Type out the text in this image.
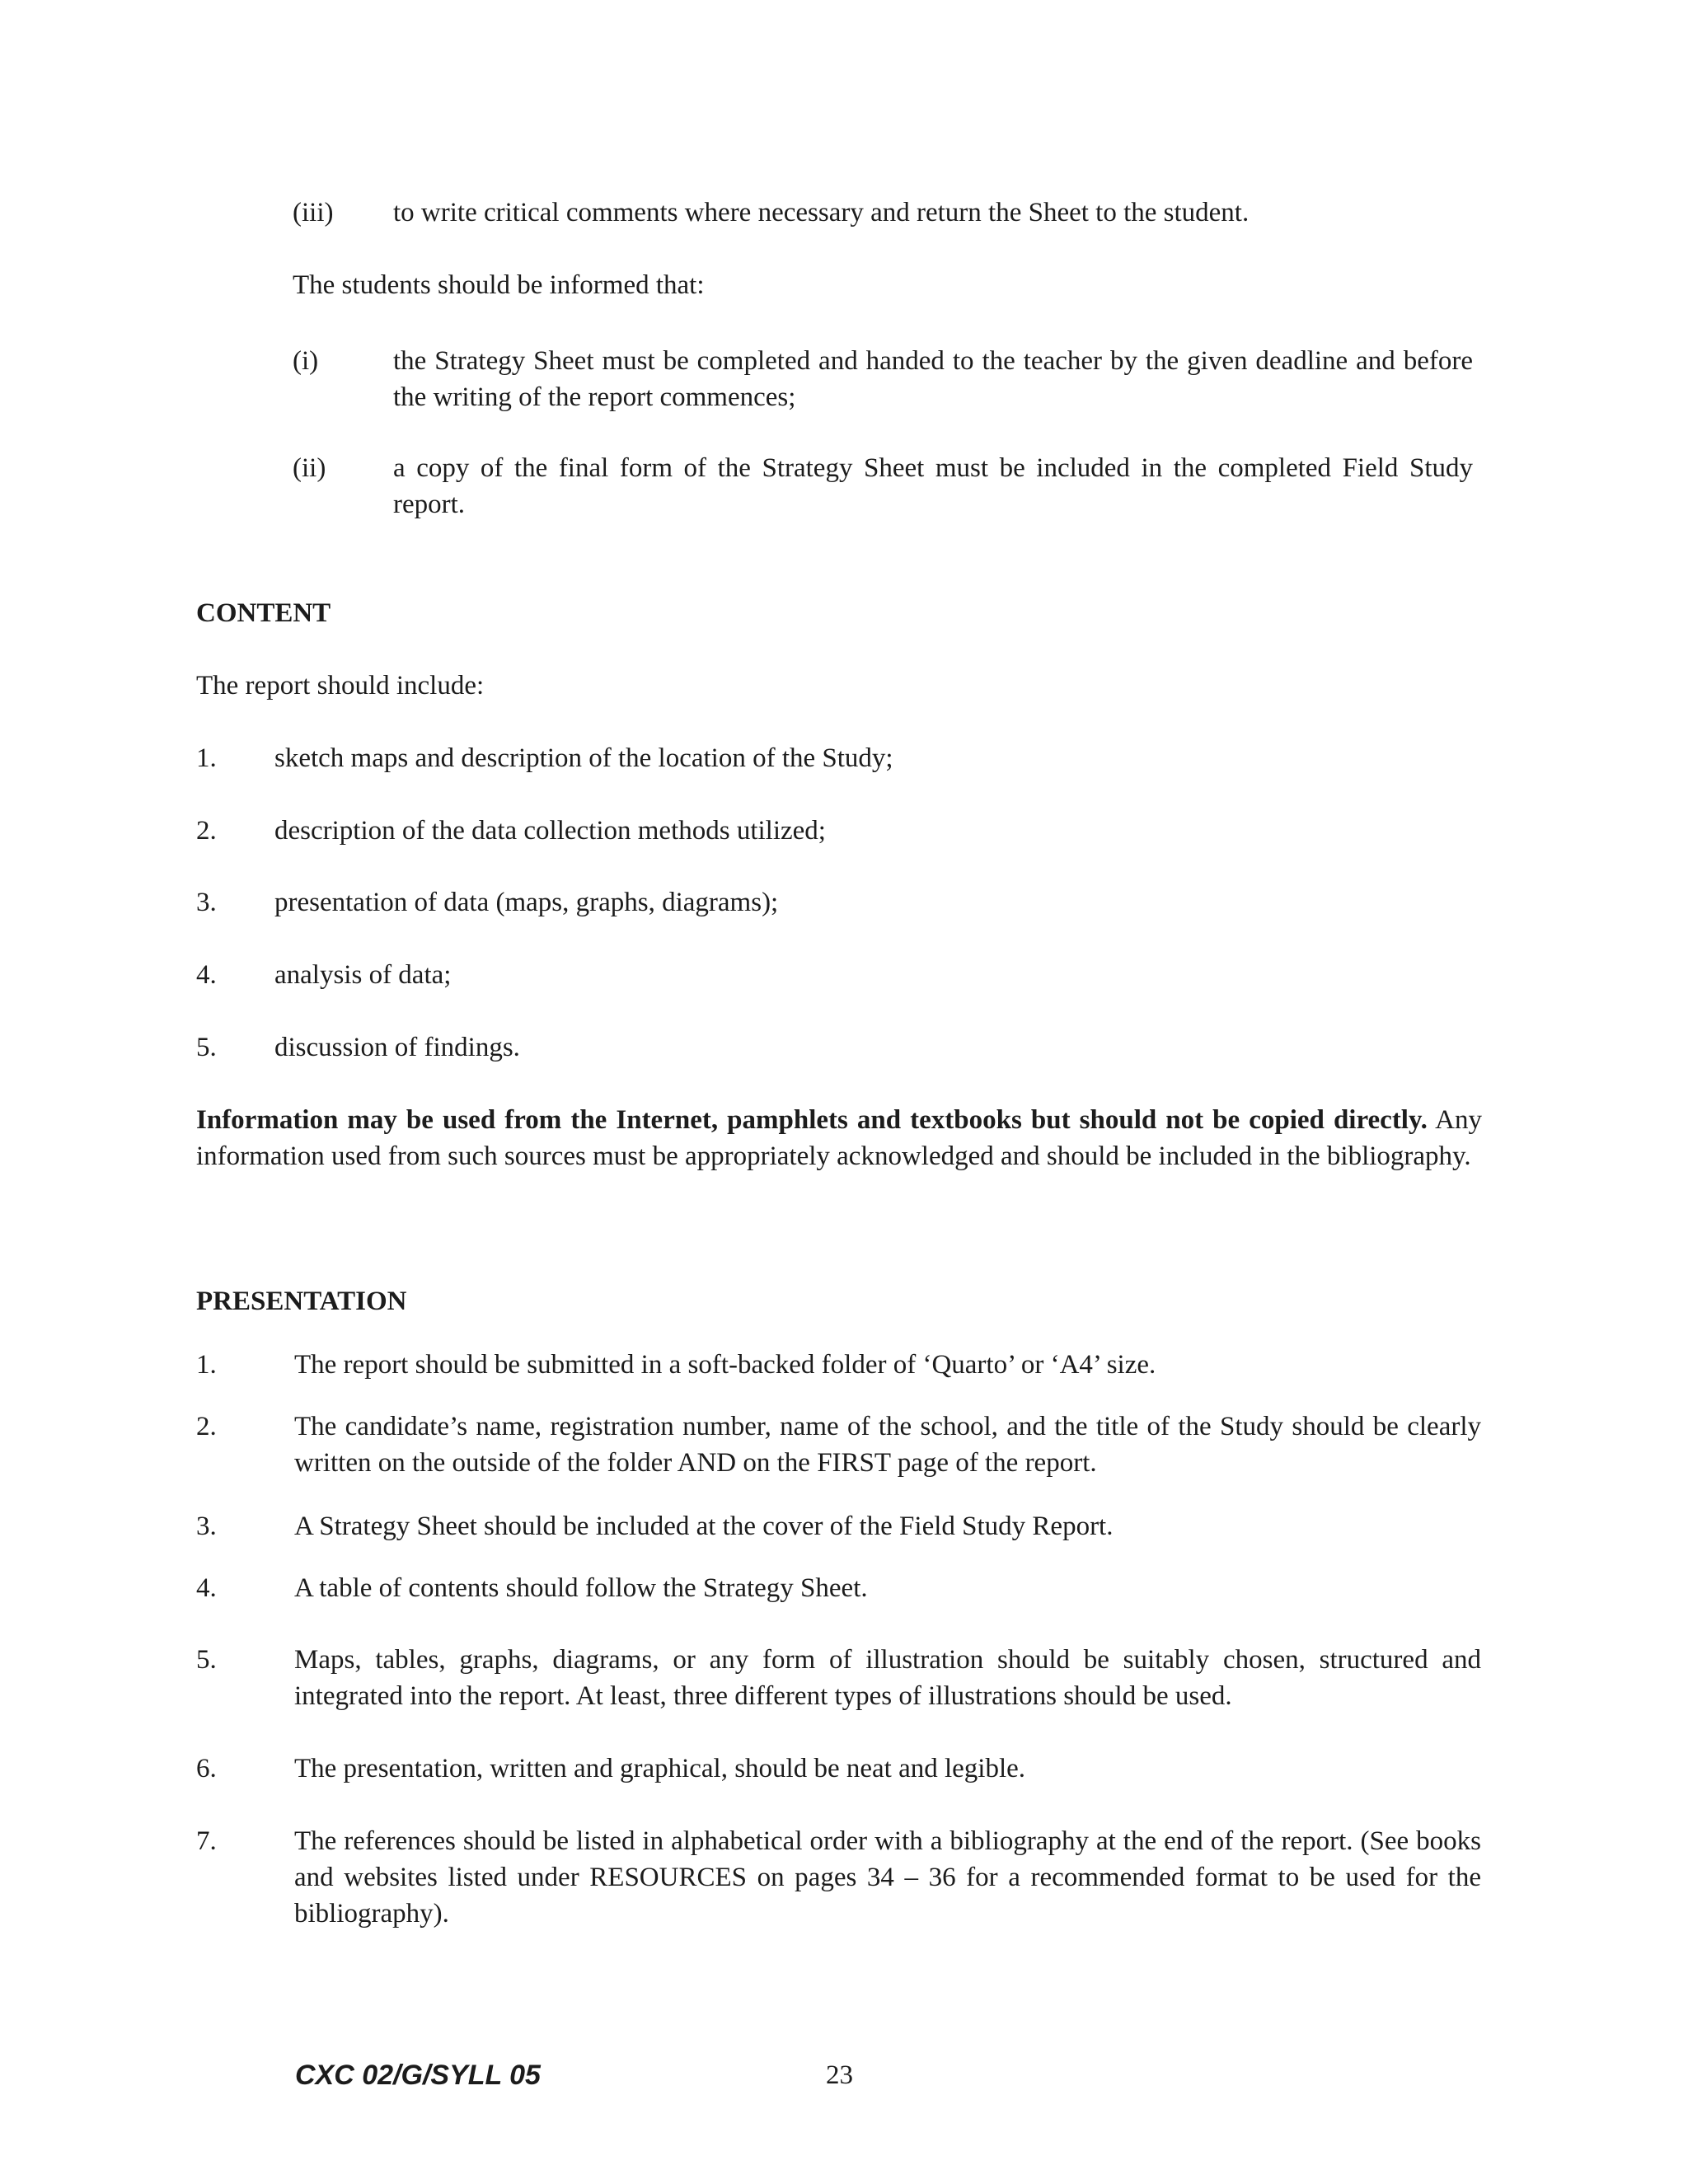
(iii) to write critical comments where necessary and return the Sheet to the student.
The students should be informed that:
(i)	the Strategy Sheet must be completed and handed to the teacher by the given deadline and before the writing of the report commences;
(ii) a copy of the final form of the Strategy Sheet must be included in the completed Field Study report.
CONTENT
The report should include:
1. sketch maps and description of the location of the Study;
2. description of the data collection methods utilized;
3. presentation of data (maps, graphs, diagrams);
4. analysis of data;
5. discussion of findings.
Information may be used from the Internet, pamphlets and textbooks but should not be copied directly. Any information used from such sources must be appropriately acknowledged and should be included in the bibliography.
PRESENTATION
1.	The report should be submitted in a soft-backed folder of ‘Quarto’ or ‘A4’ size.
2.	The candidate’s name, registration number, name of the school, and the title of the Study should be clearly written on the outside of the folder AND on the FIRST page of the report.
3.	A Strategy Sheet should be included at the cover of the Field Study Report.
4.	A table of contents should follow the Strategy Sheet.
5.	Maps, tables, graphs, diagrams, or any form of illustration should be suitably chosen, structured and integrated into the report. At least, three different types of illustrations should be used.
6.	The presentation, written and graphical, should be neat and legible.
7.	The references should be listed in alphabetical order with a bibliography at the end of the report. (See books and websites listed under RESOURCES on pages 34 – 36 for a recommended format to be used for the bibliography).
CXC 02/G/SYLL 05	23
